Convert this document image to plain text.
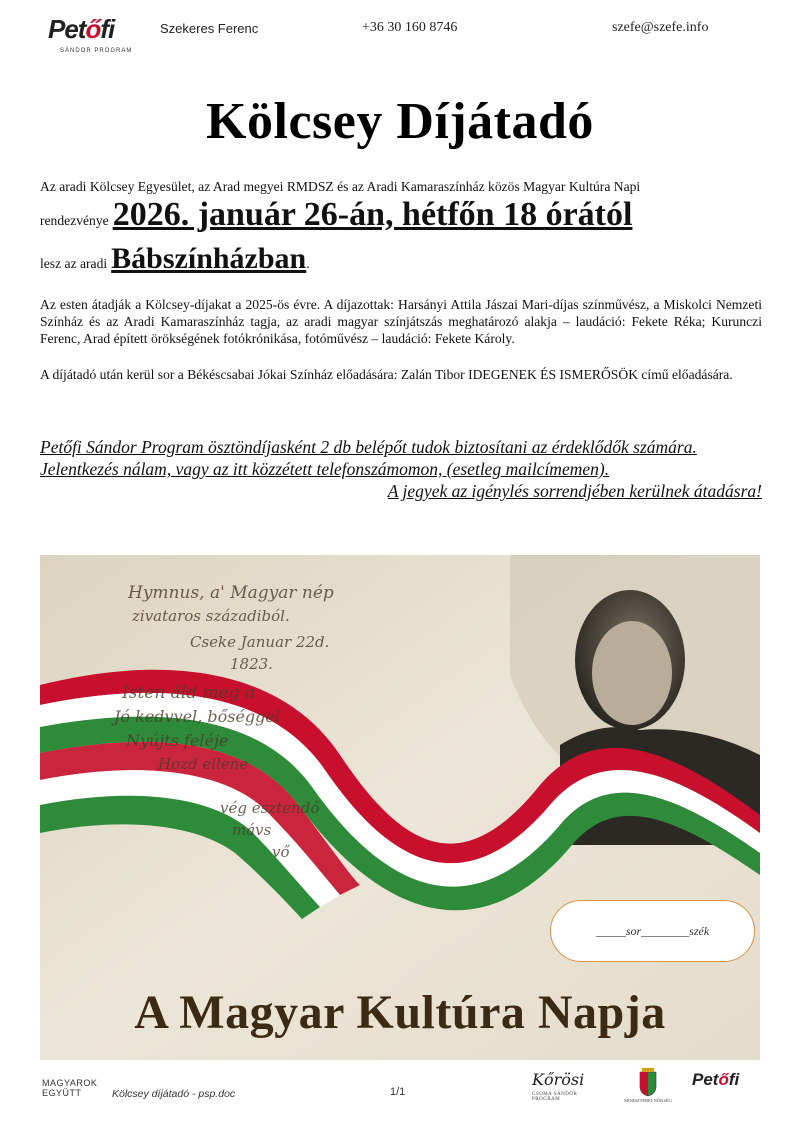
Petőfi
SÁNDOR PROGRAM
Szekeres Ferenc	+36 30 160 8746	szefe@szefe.info
Kölcsey Díjátadó

Az aradi Kölcsey Egyesület, az Arad megyei RMDSZ és az Aradi Kamaraszínház közös Magyar Kultúra Napi

rendezvénye 2026. január 26-án, hétfőn 18 órától
lesz az aradi Bábszínházban.

Az esten átadják a Kölcsey-díjakat a 2025-ös évre. A díjazottak: Harsányi Attila Jászai Mari-díjas színművész, a Miskolci Nemzeti Színház és az Aradi Kamaraszínház tagja, az aradi magyar színjátszás meghatározó alakja – laudáció: Fekete Réka; Kurunczi Ferenc, Arad épített örökségének fotókrónikása, fotóművész – laudáció: Fekete Károly.

A díjátadó után kerül sor a Békéscsabai Jókai Színház előadására: Zalán Tibor IDEGENEK ÉS ISMERŐSÖK című előadására.

Petőfi Sándor Program ösztöndíjasként 2 db belépőt tudok biztosítani az érdeklődők számára.
Jelentkezés nálam, vagy az itt közzétett telefonszámomon, (esetleg mailcímemen).
A jegyek az igénylés sorrendjében kerülnek átadásra!
Hymnus, a' Magyar nép
zivataros századiból.
Cseke Januar 22d.
1823.
Isten áld meg a
Jó kedvvel, bőséggel
Nyújts feléje
Hozd ellene
vég esztendő
mávs
vő
_____sor________szék
A Magyar Kultúra Napja
MAGYAROK EGYÜTT	Kölcsey díjátadó - psp.doc	1/1
Kőrösi
CSOMA SÁNDOR PROGRAM	MINISZTERELNÖKSÉG
Petőfi
